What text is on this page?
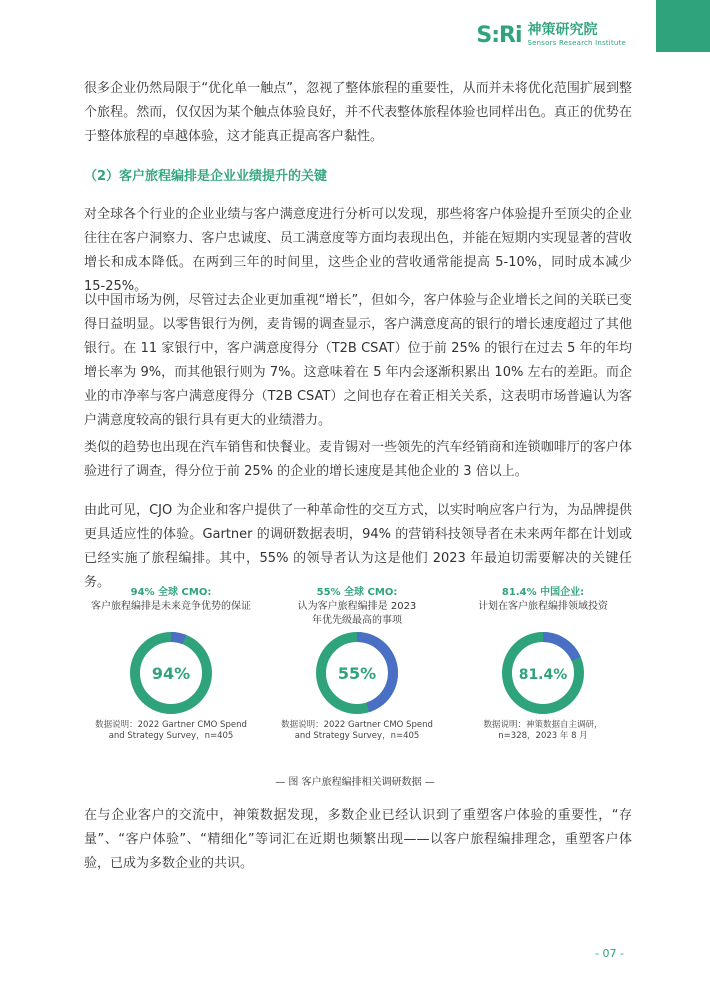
S:Ri 神策研究院
Sensors Research Institute

很多企业仍然局限于“优化单一触点”，忽视了整体旅程的重要性，从而并未将优化范围扩展到整个旅程。然而，仅仅因为某个触点体验良好，并不代表整体旅程体验也同样出色。真正的优势在于整体旅程的卓越体验，这才能真正提高客户黏性。

（2）客户旅程编排是企业业绩提升的关键

对全球各个行业的企业业绩与客户满意度进行分析可以发现，那些将客户体验提升至顶尖的企业往往在客户洞察力、客户忠诚度、员工满意度等方面均表现出色，并能在短期内实现显著的营收增长和成本降低。在两到三年的时间里，这些企业的营收通常能提高 5-10%，同时成本减少 15-25%。

以中国市场为例，尽管过去企业更加重视“增长”，但如今，客户体验与企业增长之间的关联已变得日益明显。以零售银行为例，麦肯锡的调查显示，客户满意度高的银行的增长速度超过了其他银行。在 11 家银行中，客户满意度得分（T2B CSAT）位于前 25% 的银行在过去 5 年的年均增长率为 9%，而其他银行则为 7%。这意味着在 5 年内会逐渐积累出 10% 左右的差距。而企业的市净率与客户满意度得分（T2B CSAT）之间也存在着正相关关系，这表明市场普遍认为客户满意度较高的银行具有更大的业绩潜力。

类似的趋势也出现在汽车销售和快餐业。麦肯锡对一些领先的汽车经销商和连锁咖啡厅的客户体验进行了调查，得分位于前 25% 的企业的增长速度是其他企业的 3 倍以上。

由此可见，CJO 为企业和客户提供了一种革命性的交互方式，以实时响应客户行为，为品牌提供更具适应性的体验。Gartner 的调研数据表明，94% 的营销科技领导者在未来两年都在计划或已经实施了旅程编排。其中，55% 的领导者认为这是他们 2023 年最迫切需要解决的关键任务。

94% 全球 CMO:
客户旅程编排是未来竞争优势的保证
94%
数据说明：2022 Gartner CMO Spend and Strategy Survey，n=405
55% 全球 CMO:
认为客户旅程编排是 2023 年优先级最高的事项
55%
数据说明：2022 Gartner CMO Spend and Strategy Survey，n=405
81.4% 中国企业:
计划在客户旅程编排领域投资
81.4%
数据说明：神策数据自主调研，n=328，2023 年 8 月
— 图 客户旅程编排相关调研数据 —

在与企业客户的交流中，神策数据发现，多数企业已经认识到了重塑客户体验的重要性，“存量”、“客户体验”、“精细化”等词汇在近期也频繁出现——以客户旅程编排理念，重塑客户体验，已成为多数企业的共识。

- 07 -
